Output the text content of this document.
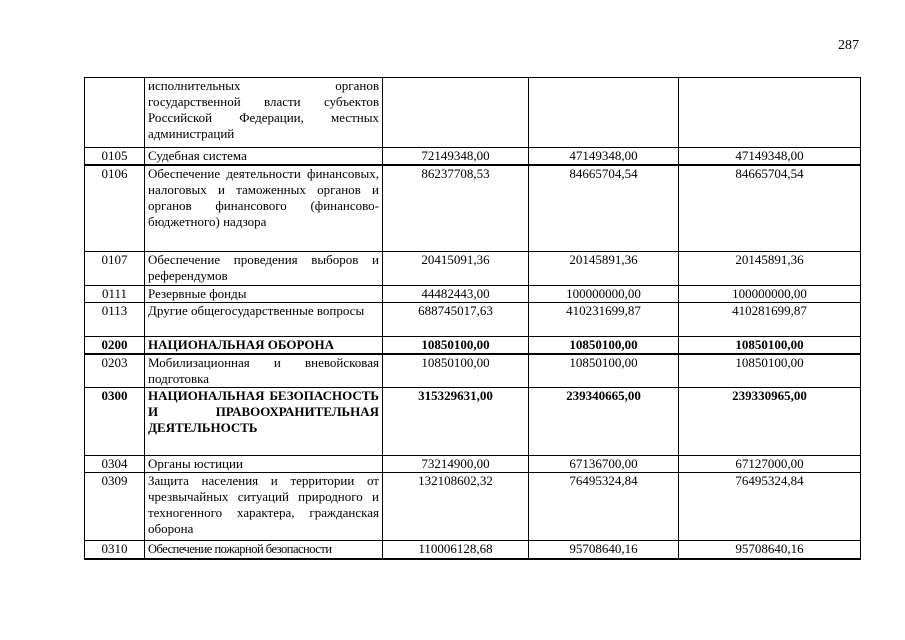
287
	исполнительных органов государственной власти субъектов Российской Федерации, местных администраций			
0105	Судебная система	72149348,00	47149348,00	47149348,00
0106	Обеспечение деятельности финансовых, налоговых и таможенных органов и органов финансового (финансово-бюджетного) надзора	86237708,53	84665704,54	84665704,54
0107	Обеспечение проведения выборов и референдумов	20415091,36	20145891,36	20145891,36
0111	Резервные фонды	44482443,00	100000000,00	100000000,00
0113	Другие общегосударственные вопросы	688745017,63	410231699,87	410281699,87
0200	НАЦИОНАЛЬНАЯ ОБОРОНА	10850100,00	10850100,00	10850100,00
0203	Мобилизационная и вневойсковая подготовка	10850100,00	10850100,00	10850100,00
0300	НАЦИОНАЛЬНАЯ БЕЗОПАСНОСТЬ И ПРАВООХРАНИТЕЛЬНАЯ ДЕЯТЕЛЬНОСТЬ	315329631,00	239340665,00	239330965,00
0304	Органы юстиции	73214900,00	67136700,00	67127000,00
0309	Защита населения и территории от чрезвычайных ситуаций природного и техногенного характера, гражданская оборона	132108602,32	76495324,84	76495324,84
0310	Обеспечение пожарной безопасности	110006128,68	95708640,16	95708640,16
